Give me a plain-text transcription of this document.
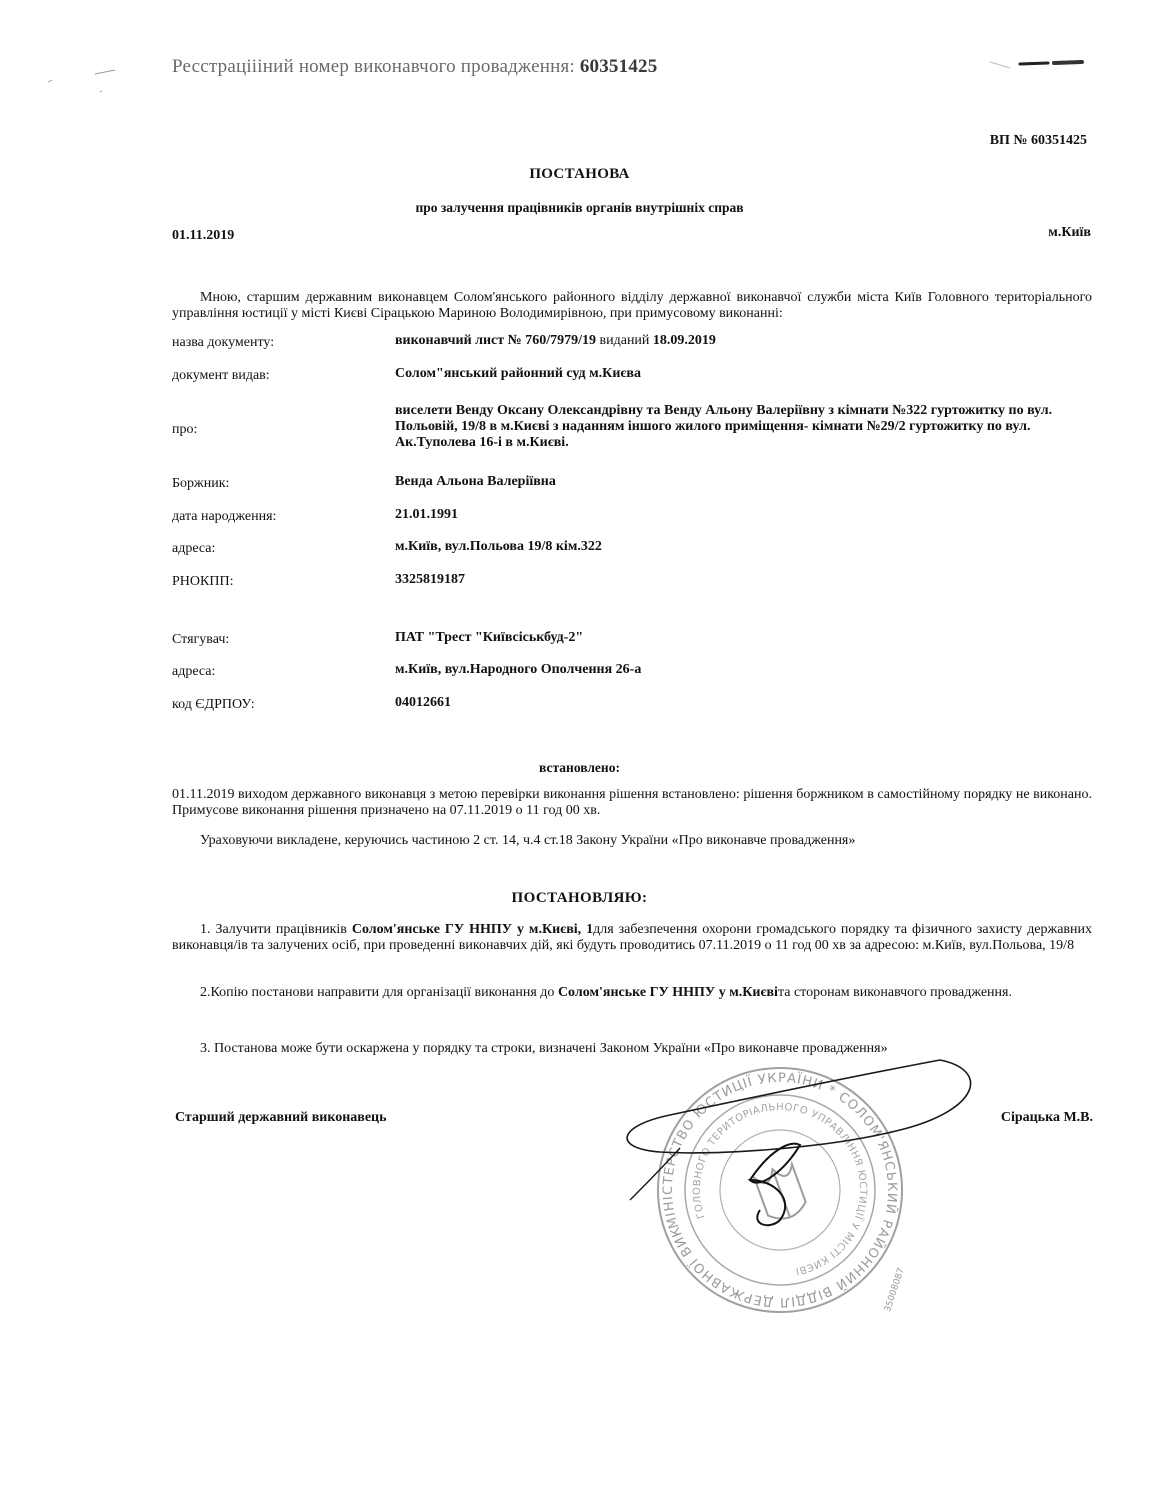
Ресстраціііний номер виконавчого провадження: 60351425
ВП № 60351425
ПОСТАНОВА
про залучення працівників органів внутрішніх справ
01.11.2019	м.Київ
Мною, старшим державним виконавцем Солом'янського районного відділу державної виконавчої служби міста Київ Головного територіального управління юстиції у місті Києві Сірацькою Мариною Володимирівною, при примусовому виконанні:
назва документу:	виконавчий лист № 760/7979/19 виданий 18.09.2019
документ видав:	Солом"янський районний суд м.Києва
про:
виселети Венду Оксану Олександрівну та Венду Альону Валеріївну з кімнати №322 гуртожитку по вул. Польовій, 19/8 в м.Києві з наданням іншого жилого приміщення- кімнати №29/2 гуртожитку по вул. Ак.Туполева 16-і в м.Києві.
Боржник:	Венда Альона Валеріївна
дата народження:	21.01.1991
адреса:	м.Київ, вул.Польова 19/8 кім.322
РНОКПП:	3325819187
Стягувач:	ПАТ "Трест "Київсіськбуд-2"
адреса:	м.Київ, вул.Народного Ополчення 26-а
код ЄДРПОУ:	04012661
встановлено:
01.11.2019 виходом державного виконавця з метою перевірки виконання рішення встановлено: рішення боржником в самостійному порядку не виконано. Примусове виконання рішення призначено на 07.11.2019 о 11 год 00 хв.
Ураховуючи викладене, керуючись частиною 2 ст. 14, ч.4 ст.18 Закону України «Про виконавче провадження»
ПОСТАНОВЛЯЮ:
1. Залучити працівників Солом'янське ГУ ННПУ у м.Києві, 1для забезпечення охорони громадського порядку та фізичного захисту державних виконавця/ів та залучених осіб, при проведенні виконавчих дій, які будуть проводитись 07.11.2019 о 11 год 00 хв за адресою: м.Київ, вул.Польова, 19/8
2.Копію постанови направити для організації виконання до Солом'янське ГУ ННПУ у м.Києвіта сторонам виконавчого провадження.
3. Постанова може бути оскаржена у порядку та строки, визначені Законом України «Про виконавче провадження»
Старший державний виконавець	Сірацька М.В.
МІНІСТЕРСТВО ЮСТИЦІЇ УКРАЇНИ * СОЛОМ'ЯНСЬКИЙ РАЙОННИЙ ВІДДІЛ ДЕРЖАВНОЇ ВИКОНАВЧОЇ
ГОЛОВНОГО ТЕРИТОРІАЛЬНОГО УПРАВЛІННЯ ЮСТИЦІЇ У МІСТІ КИЄВІ	35008087
